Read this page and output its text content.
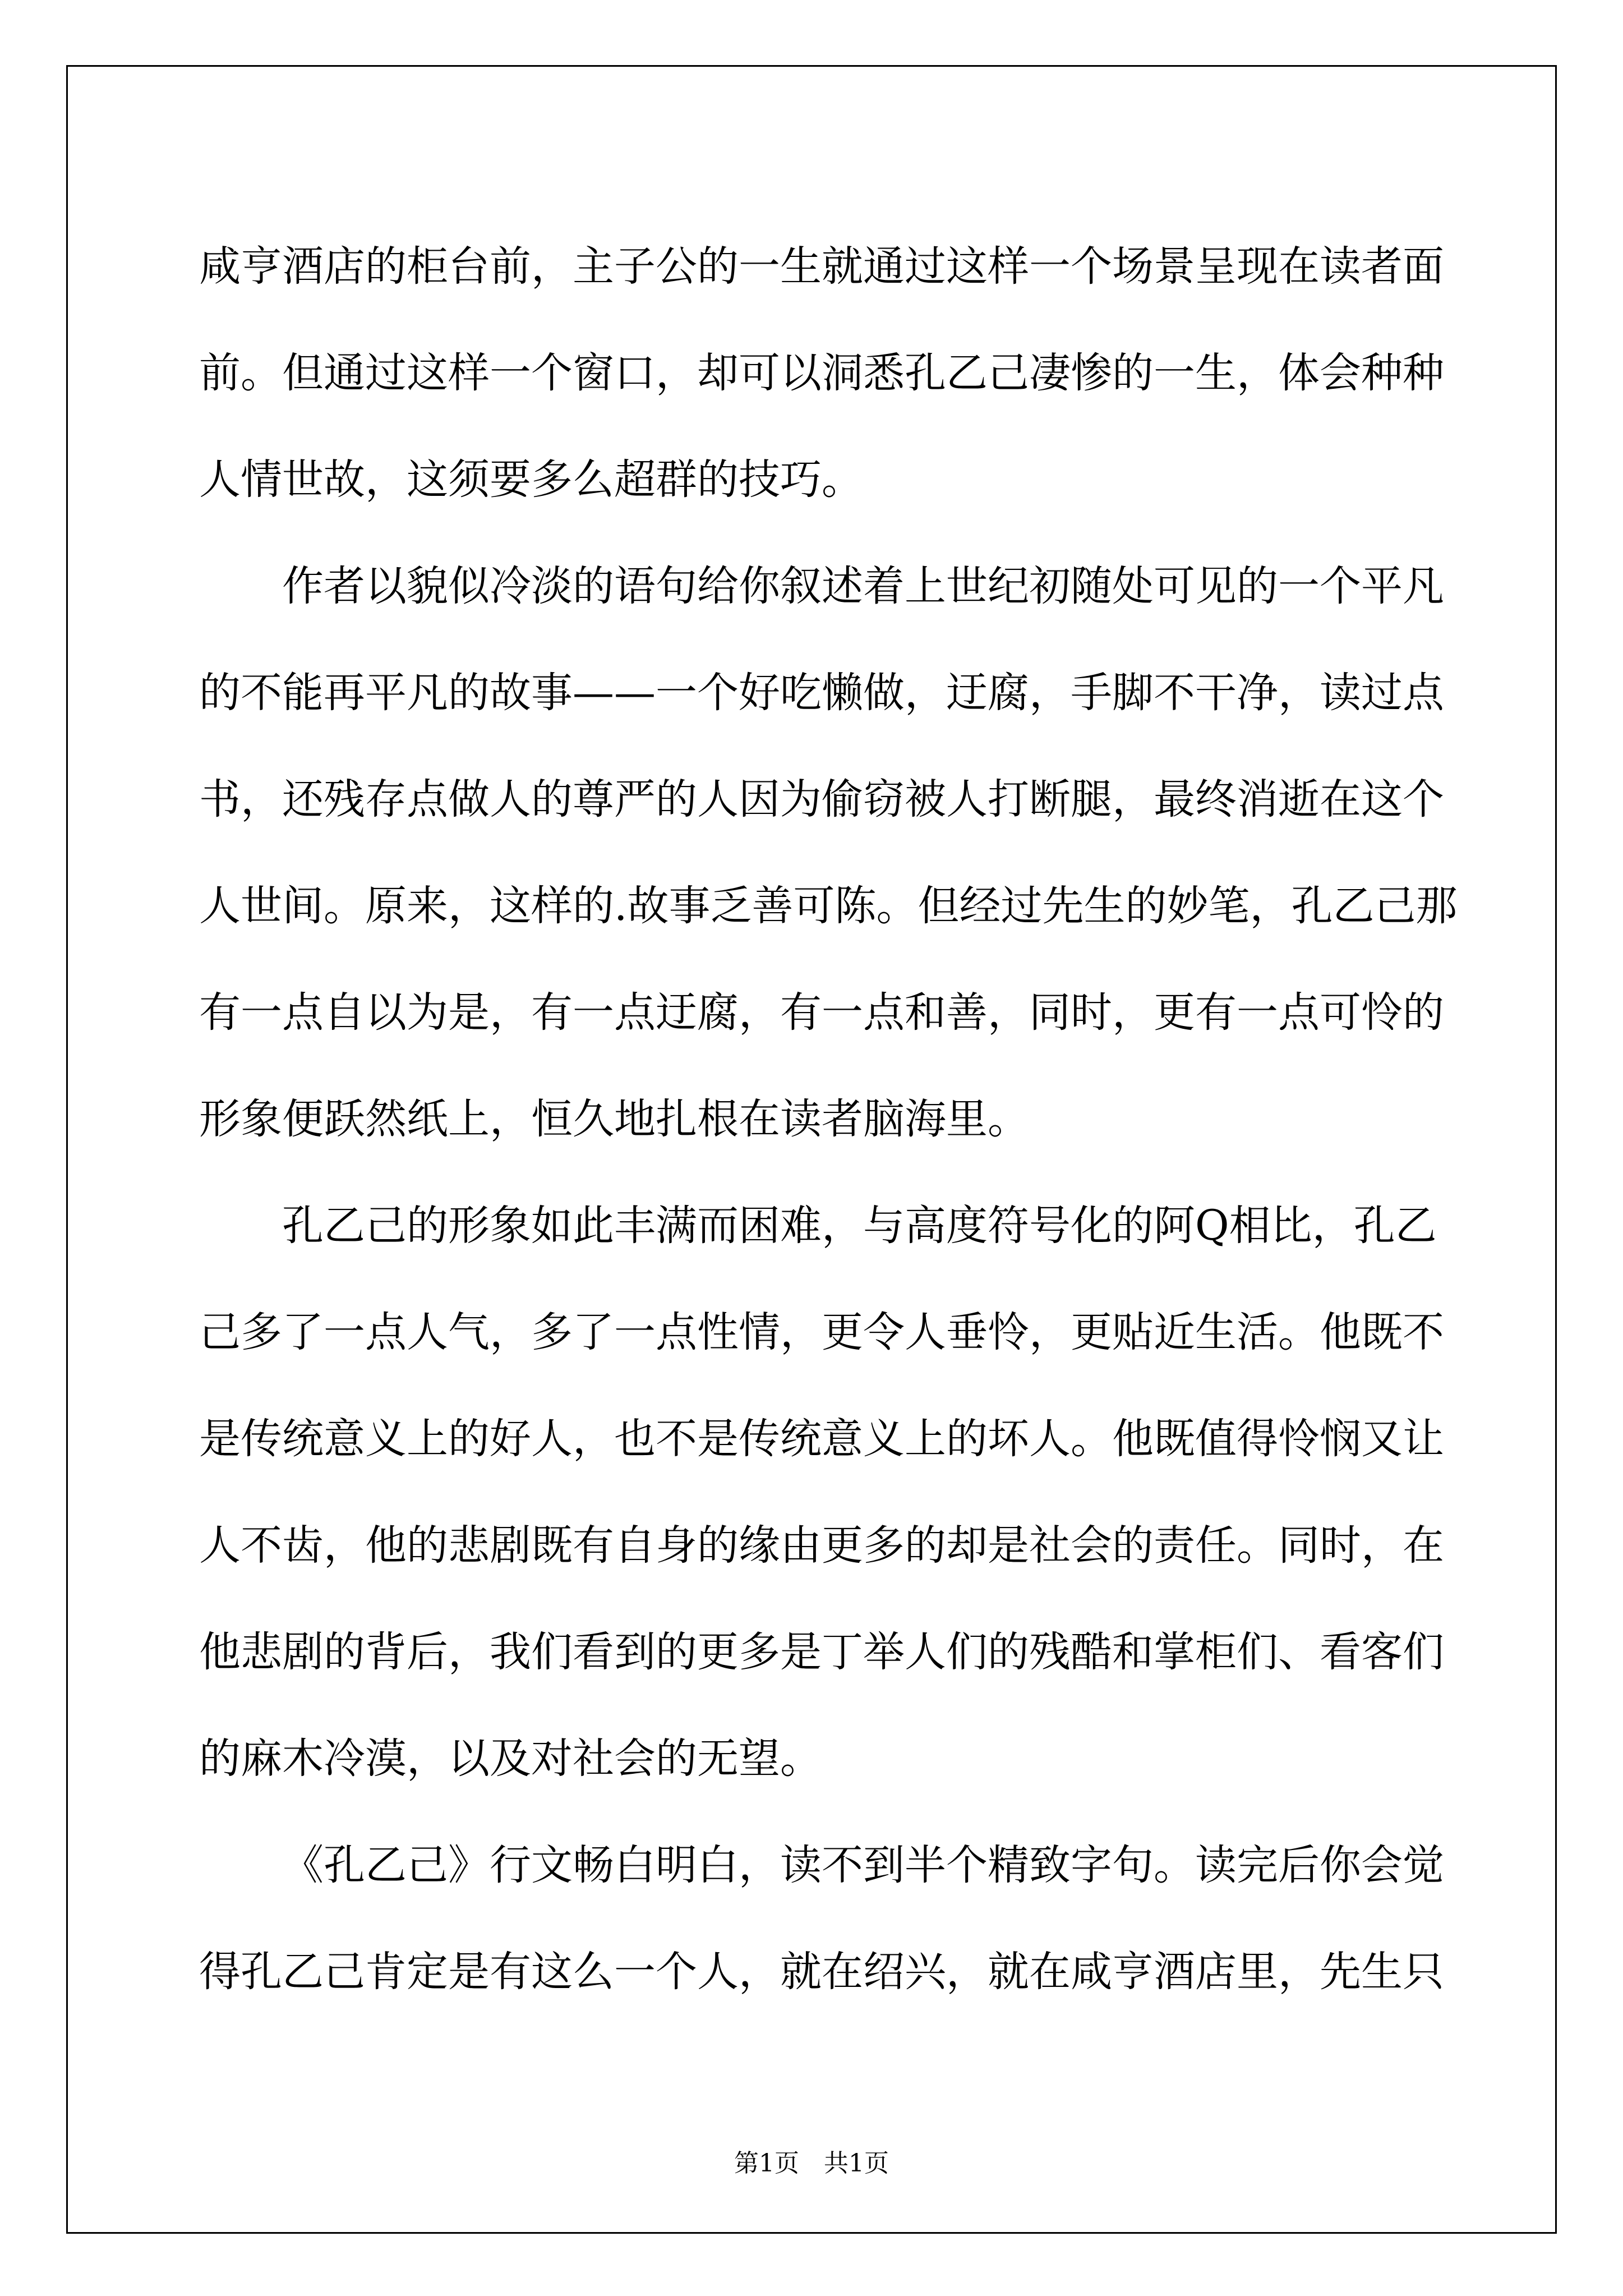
咸亨酒店的柜台前，主子公的一生就通过这样一个场景呈现在读者面
前。但通过这样一个窗口，却可以洞悉孔乙己凄惨的一生，体会种种
人情世故，这须要多么超群的技巧。
作者以貌似冷淡的语句给你叙述着上世纪初随处可见的一个平凡
的不能再平凡的故事——一个好吃懒做，迂腐，手脚不干净，读过点
书，还残存点做人的尊严的人因为偷窃被人打断腿，最终消逝在这个
人世间。原来，这样的.故事乏善可陈。但经过先生的妙笔，孔乙己那
有一点自以为是，有一点迂腐，有一点和善，同时，更有一点可怜的
形象便跃然纸上，恒久地扎根在读者脑海里。
孔乙己的形象如此丰满而困难，与高度符号化的阿Q相比，孔乙
己多了一点人气，多了一点性情，更令人垂怜，更贴近生活。他既不
是传统意义上的好人，也不是传统意义上的坏人。他既值得怜悯又让
人不齿，他的悲剧既有自身的缘由更多的却是社会的责任。同时，在
他悲剧的背后，我们看到的更多是丁举人们的残酷和掌柜们、看客们
的麻木冷漠，以及对社会的无望。
《孔乙己》行文畅白明白，读不到半个精致字句。读完后你会觉
得孔乙己肯定是有这么一个人，就在绍兴，就在咸亨酒店里，先生只
第1页 共1页
